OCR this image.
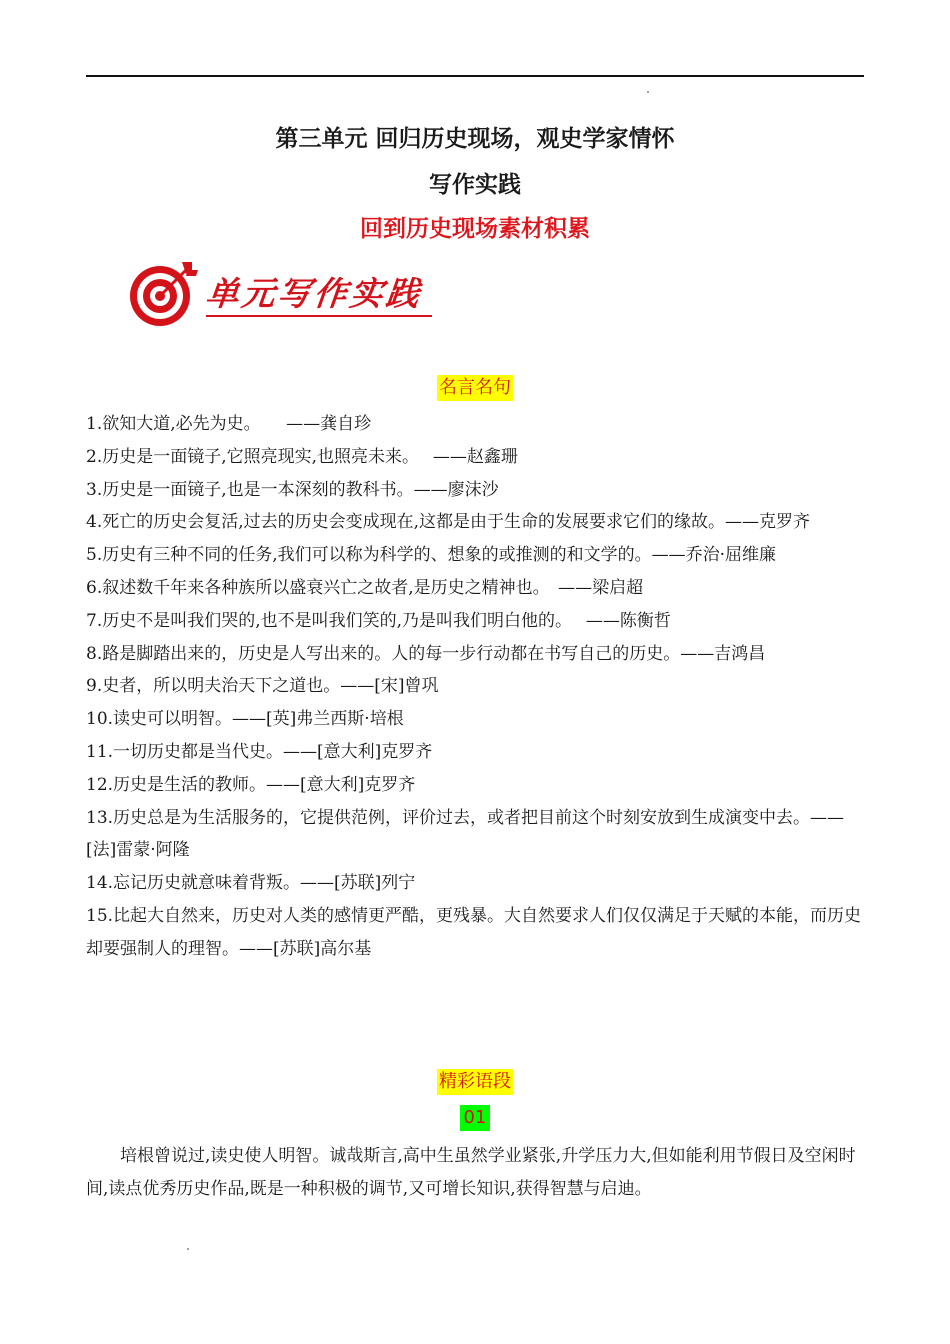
第三单元 回归历史现场，观史学家情怀
写作实践
回到历史现场素材积累
单元写作实践
名言名句
1.欲知大道,必先为史。　　——龚自珍
2.历史是一面镜子,它照亮现实,也照亮未来。　 ——赵鑫珊
3.历史是一面镜子,也是一本深刻的教科书。——廖沫沙
4.死亡的历史会复活,过去的历史会变成现在,这都是由于生命的发展要求它们的缘故。——克罗齐
5.历史有三种不同的任务,我们可以称为科学的、想象的或推测的和文学的。——乔治·屈维廉
6.叙述数千年来各种族所以盛衰兴亡之故者,是历史之精神也。　——梁启超
7.历史不是叫我们哭的,也不是叫我们笑的,乃是叫我们明白他的。　 ——陈衡哲
8.路是脚踏出来的，历史是人写出来的。人的每一步行动都在书写自己的历史。——吉鸿昌
9.史者，所以明夫治天下之道也。——[宋]曾巩
10.读史可以明智。——[英]弗兰西斯·培根
11.一切历史都是当代史。——[意大利]克罗齐
12.历史是生活的教师。——[意大利]克罗齐
13.历史总是为生活服务的，它提供范例，评价过去，或者把目前这个时刻安放到生成演变中去。——[法]雷蒙·阿隆
14.忘记历史就意味着背叛。——[苏联]列宁
15.比起大自然来，历史对人类的感情更严酷，更残暴。大自然要求人们仅仅满足于天赋的本能，而历史却要强制人的理智。——[苏联]高尔基
精彩语段
01

培根曾说过,读史使人明智。诚哉斯言,高中生虽然学业紧张,升学压力大,但如能利用节假日及空闲时间,读点优秀历史作品,既是一种积极的调节,又可增长知识,获得智慧与启迪。
